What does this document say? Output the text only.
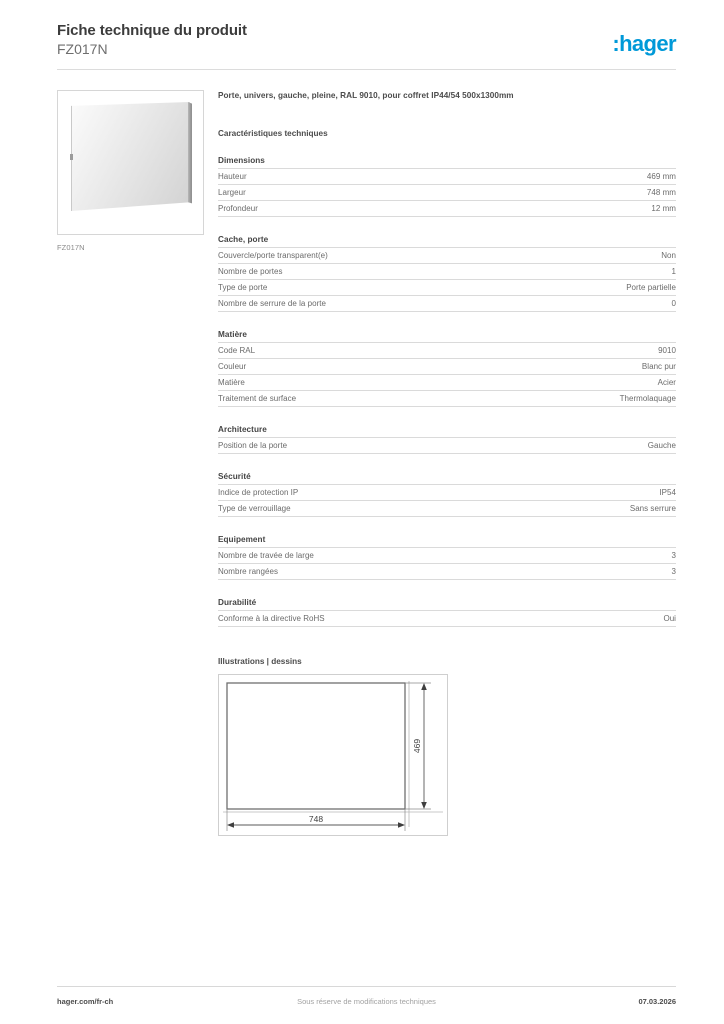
Fiche technique du produit
FZ017N	:hager
FZ017N
Porte, univers, gauche, pleine, RAL 9010, pour coffret IP44/54 500x1300mm
Caractéristiques techniques
Dimensions
Hauteur	469 mm
Largeur	748 mm
Profondeur	12 mm
Cache, porte
Couvercle/porte transparent(e)	Non
Nombre de portes	1
Type de porte	Porte partielle
Nombre de serrure de la porte	0
Matière
Code RAL	9010
Couleur	Blanc pur
Matière	Acier
Traitement de surface	Thermolaquage
Architecture
Position de la porte	Gauche
Sécurité
Indice de protection IP	IP54
Type de verrouillage	Sans serrure
Equipement
Nombre de travée de large	3
Nombre rangées	3
Durabilité
Conforme à la directive RoHS	Oui
Illustrations | dessins
469
748
hager.com/fr-ch	Sous réserve de modifications techniques	07.03.2026
